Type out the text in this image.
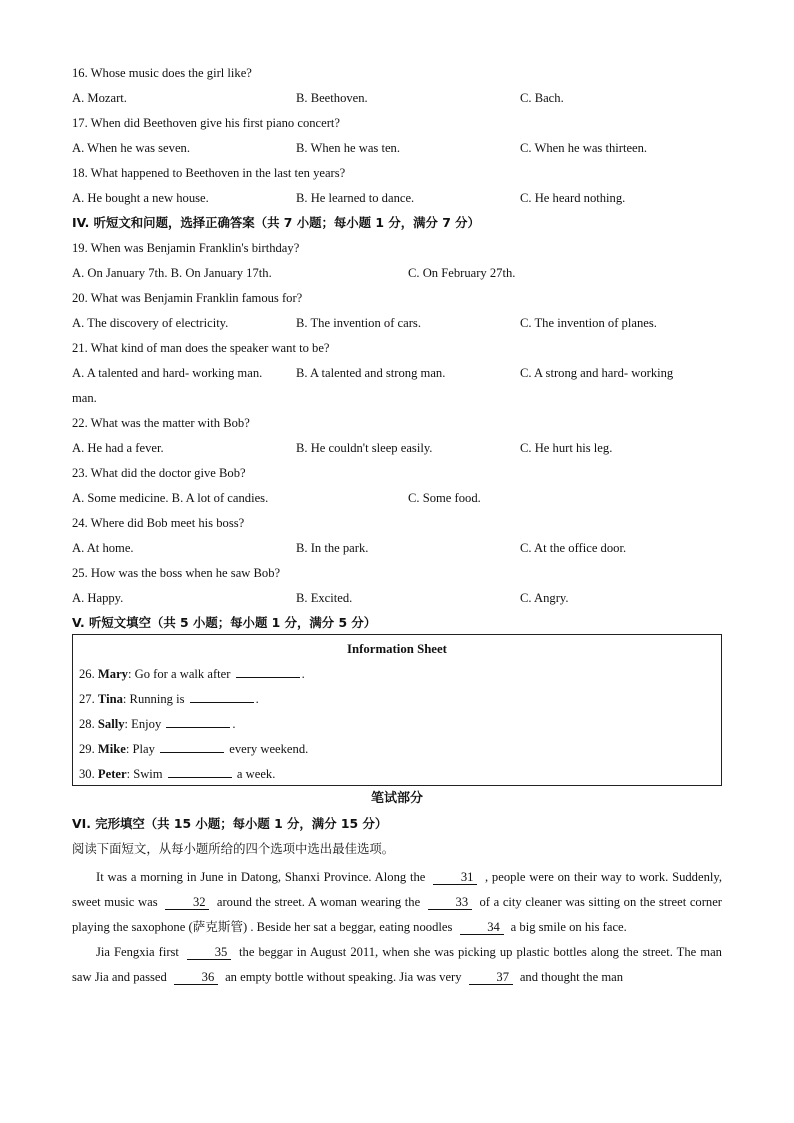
16. Whose music does the girl like?
A. Mozart.	B. Beethoven.	C. Bach.
17. When did Beethoven give his first piano concert?
A. When he was seven.	B. When he was ten.	C. When he was thirteen.
18. What happened to Beethoven in the last ten years?
A. He bought a new house.	B. He learned to dance.	C. He heard nothing.
IV. 听短文和问题，选择正确答案（共 7 小题；每小题 1 分，满分 7 分）
19. When was Benjamin Franklin's birthday?
A. On January 7th. B. On January 17th.	C. On February 27th.
20. What was Benjamin Franklin famous for?
A. The discovery of electricity.	B. The invention of cars.	C. The invention of planes.
21. What kind of man does the speaker want to be?
A. A talented and hard- working man.	B. A talented and strong man.	C. A strong and hard- working
man.
22. What was the matter with Bob?
A. He had a fever.	B. He couldn't sleep easily.	C. He hurt his leg.
23. What did the doctor give Bob?
A. Some medicine. B. A lot of candies.	C. Some food.
24. Where did Bob meet his boss?
A. At home.	B. In the park.	C. At the office door.
25. How was the boss when he saw Bob?
A. Happy.	B. Excited.	C. Angry.
V. 听短文填空（共 5 小题；每小题 1 分，满分 5 分）
Information Sheet
26. Mary: Go for a walk after	.
27. Tina: Running is	.
28. Sally: Enjoy	.
29. Mike: Play	every weekend.
30. Peter: Swim	a week.
笔试部分
VI. 完形填空（共 15 小题；每小题 1 分，满分 15 分）
阅读下面短文，从每小题所给的四个选项中选出最佳选项。
It was a morning in June in Datong, Shanxi Province. Along the	31 , people were on their way to work. Suddenly, sweet music was	32 around the street. A woman wearing the	33 of a city cleaner was sitting on the street corner playing the saxophone (萨克斯管) . Beside her sat a beggar, eating noodles	34 a big smile on his face.
Jia Fengxia first	35 the beggar in August 2011, when she was picking up plastic bottles along the street. The man saw Jia and passed	36 an empty bottle without speaking. Jia was very	37 and thought the man
